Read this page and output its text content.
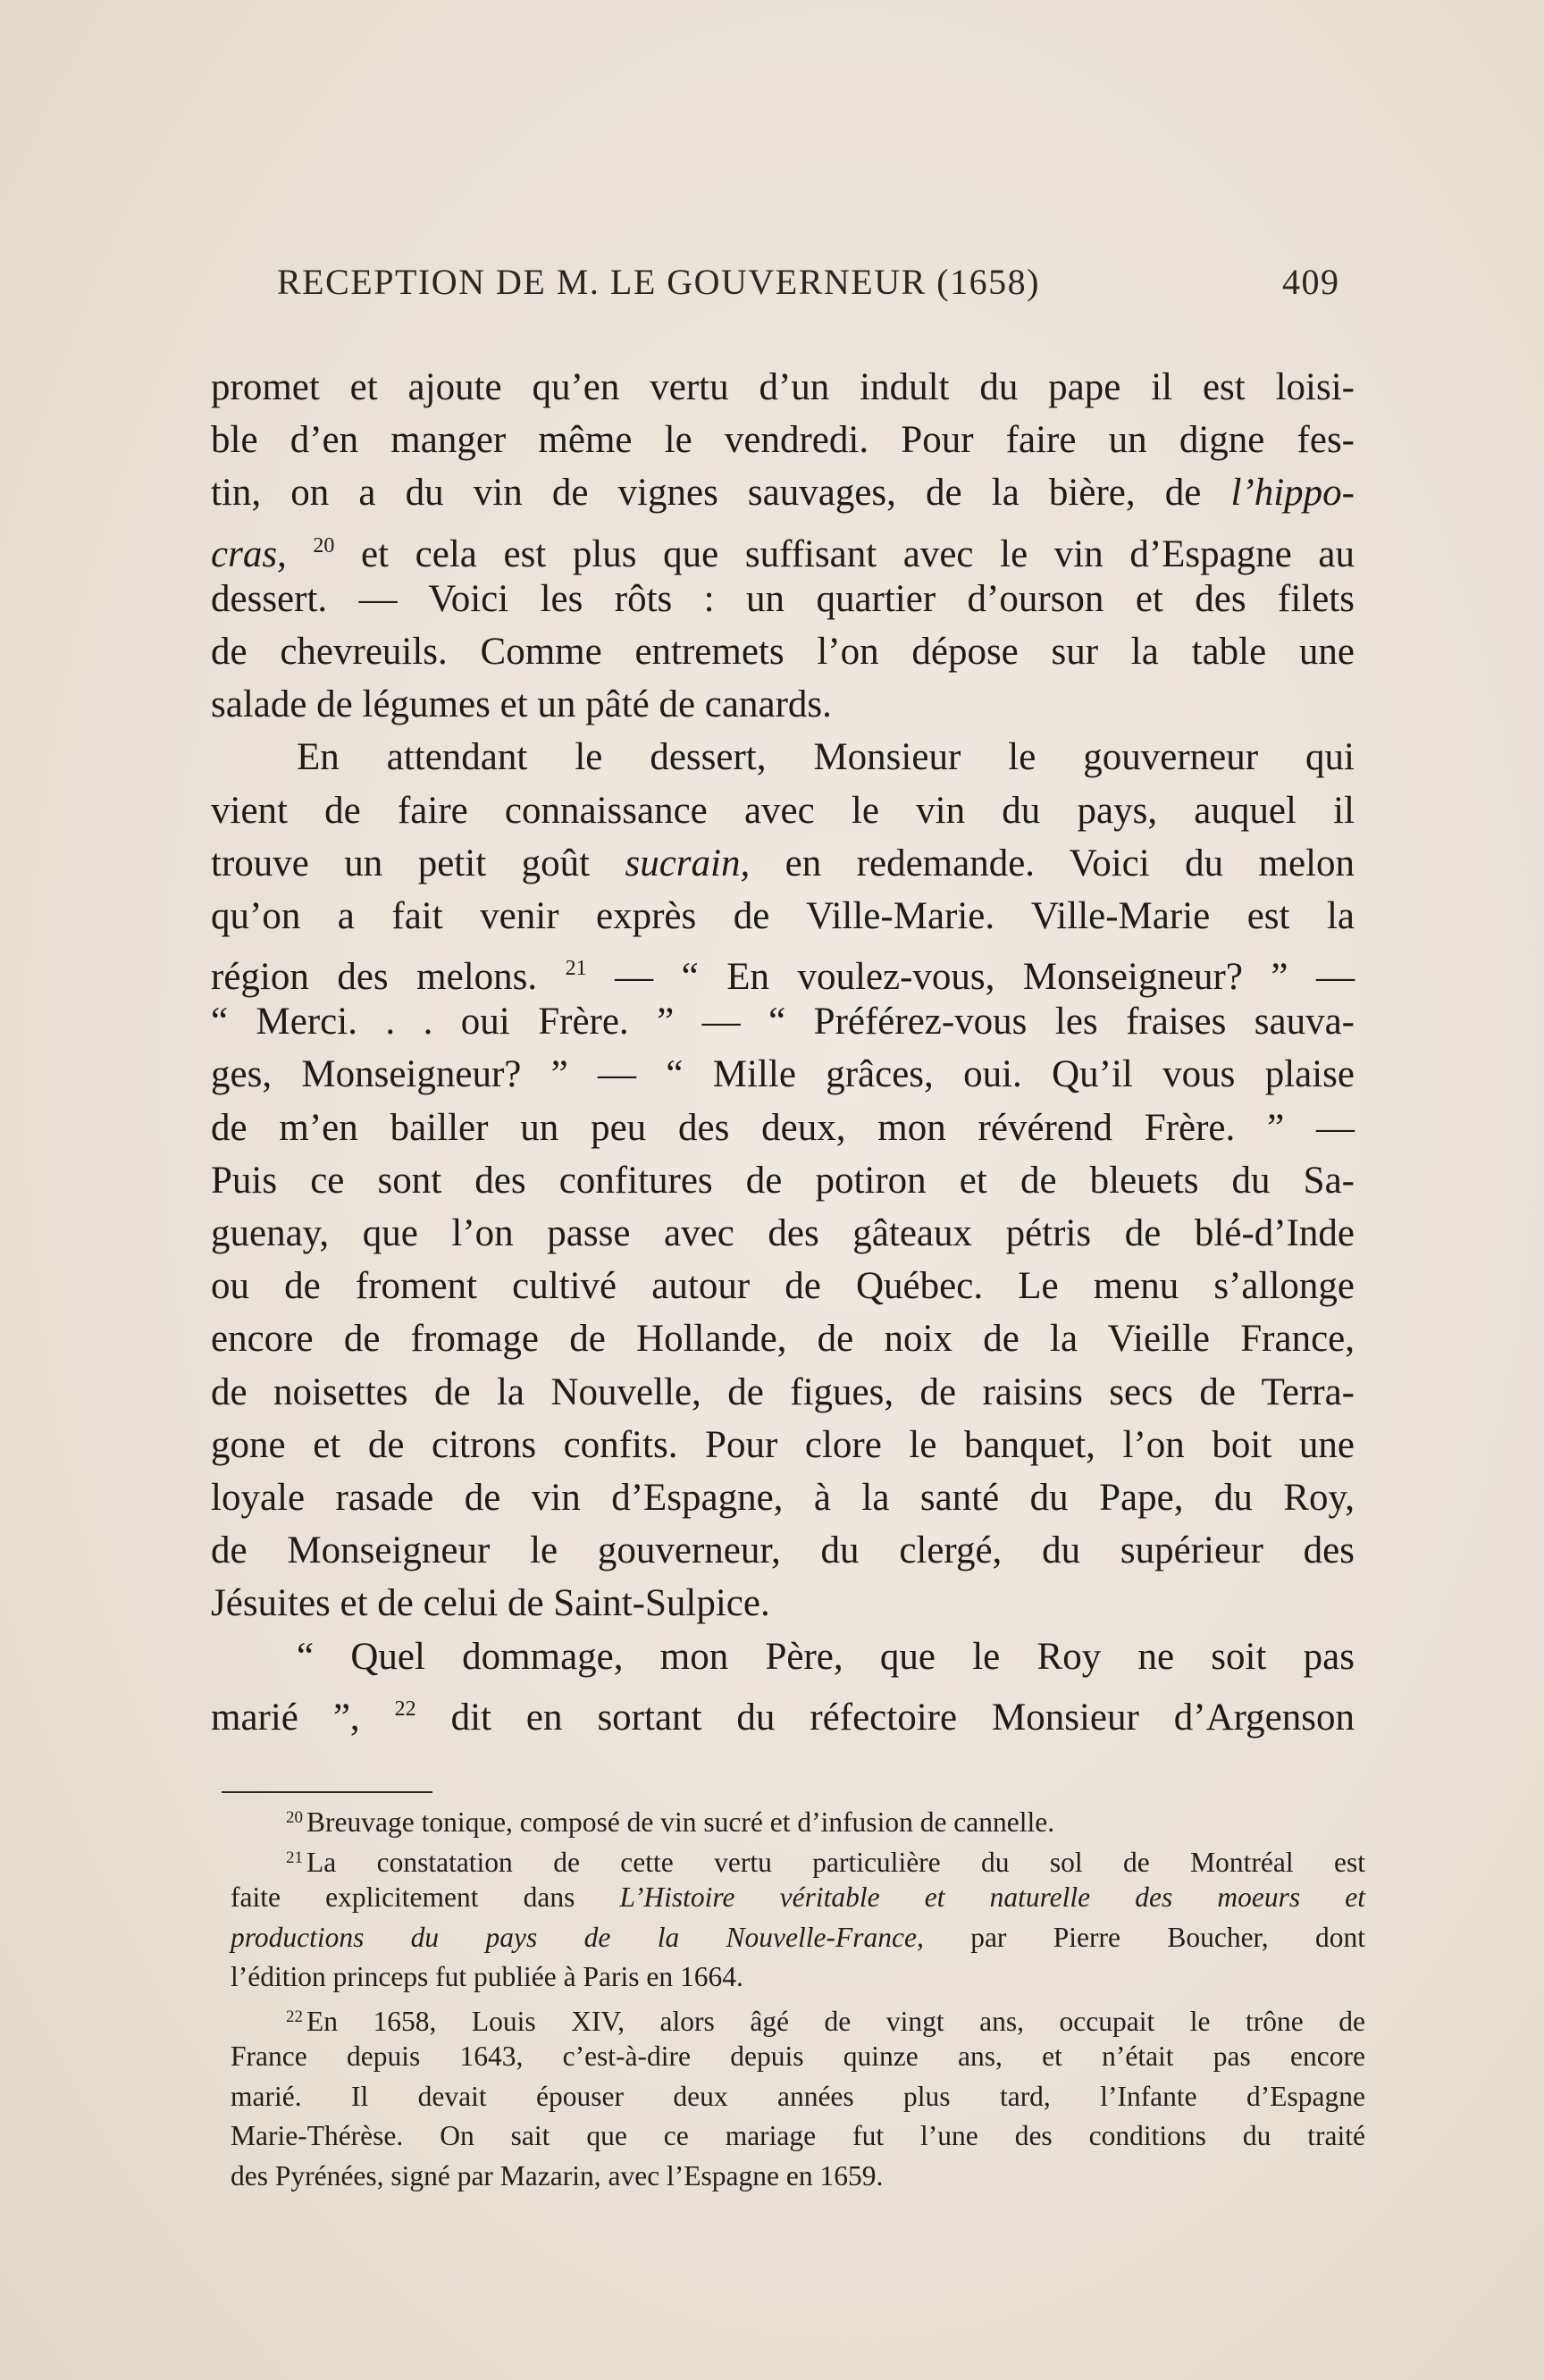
RECEPTION DE M. LE GOUVERNEUR (1658)	409
promet et ajoute qu’en vertu d’un indult du pape il est loisi-
ble d’en manger même le vendredi. Pour faire un digne fes-
tin, on a du vin de vignes sauvages, de la bière, de l’hippo-
cras, $^{20}$ et cela est plus que suffisant avec le vin d’Espagne au
dessert. — Voici les rôts : un quartier d’ourson et des filets
de chevreuils. Comme entremets l’on dépose sur la table une
salade de légumes et un pâté de canards.
En attendant le dessert, Monsieur le gouverneur qui
vient de faire connaissance avec le vin du pays, auquel il
trouve un petit goût sucrain, en redemande. Voici du melon
qu’on a fait venir exprès de Ville-Marie. Ville-Marie est la
région des melons. $^{21}$ — “ En voulez-vous, Monseigneur? ” —
“ Merci. . . oui Frère. ” — “ Préférez-vous les fraises sauva-
ges, Monseigneur? ” — “ Mille grâces, oui. Qu’il vous plaise
de m’en bailler un peu des deux, mon révérend Frère. ” —
Puis ce sont des confitures de potiron et de bleuets du Sa-
guenay, que l’on passe avec des gâteaux pétris de blé-d’Inde
ou de froment cultivé autour de Québec. Le menu s’allonge
encore de fromage de Hollande, de noix de la Vieille France,
de noisettes de la Nouvelle, de figues, de raisins secs de Terra-
gone et de citrons confits. Pour clore le banquet, l’on boit une
loyale rasade de vin d’Espagne, à la santé du Pape, du Roy,
de Monseigneur le gouverneur, du clergé, du supérieur des
Jésuites et de celui de Saint-Sulpice.
“ Quel dommage, mon Père, que le Roy ne soit pas
marié ”, $^{22}$ dit en sortant du réfectoire Monsieur d’Argenson
$^{20}$ Breuvage tonique, composé de vin sucré et d’infusion de cannelle.
$^{21}$ La constatation de cette vertu particulière du sol de Montréal est
faite explicitement dans L’Histoire véritable et naturelle des moeurs et
productions du pays de la Nouvelle-France, par Pierre Boucher, dont
l’édition princeps fut publiée à Paris en 1664.
$^{22}$ En 1658, Louis XIV, alors âgé de vingt ans, occupait le trône de
France depuis 1643, c’est-à-dire depuis quinze ans, et n’était pas encore
marié. Il devait épouser deux années plus tard, l’Infante d’Espagne
Marie-Thérèse. On sait que ce mariage fut l’une des conditions du traité
des Pyrénées, signé par Mazarin, avec l’Espagne en 1659.
